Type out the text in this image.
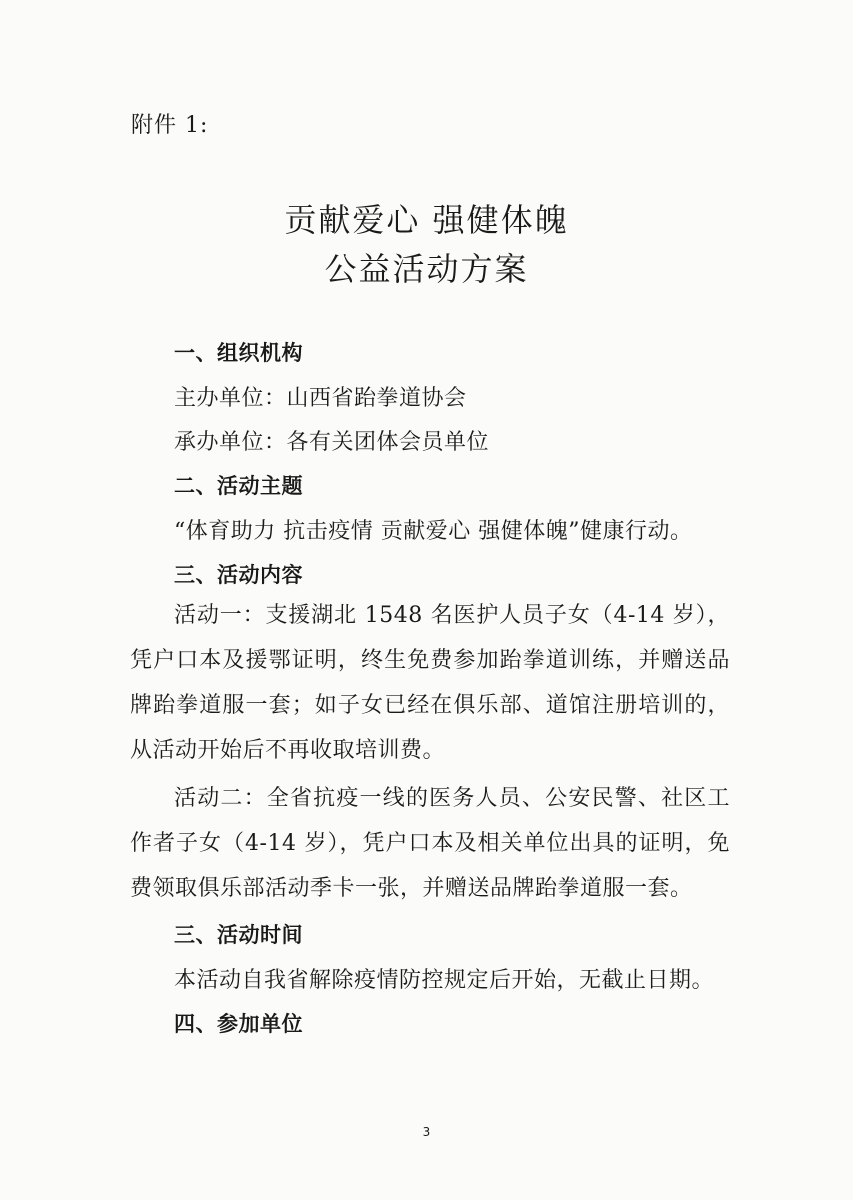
附件 1:
贡献爱心 强健体魄
公益活动方案
一、组织机构
主办单位：山西省跆拳道协会
承办单位：各有关团体会员单位
二、活动主题
“体育助力 抗击疫情 贡献爱心 强健体魄”健康行动。
三、活动内容
活动一：支援湖北 1548 名医护人员子女（4-14 岁），凭户口本及援鄂证明，终生免费参加跆拳道训练，并赠送品牌跆拳道服一套；如子女已经在俱乐部、道馆注册培训的，从活动开始后不再收取培训费。
活动二：全省抗疫一线的医务人员、公安民警、社区工作者子女（4-14 岁），凭户口本及相关单位出具的证明，免费领取俱乐部活动季卡一张，并赠送品牌跆拳道服一套。
三、活动时间
本活动自我省解除疫情防控规定后开始，无截止日期。
四、参加单位
3
